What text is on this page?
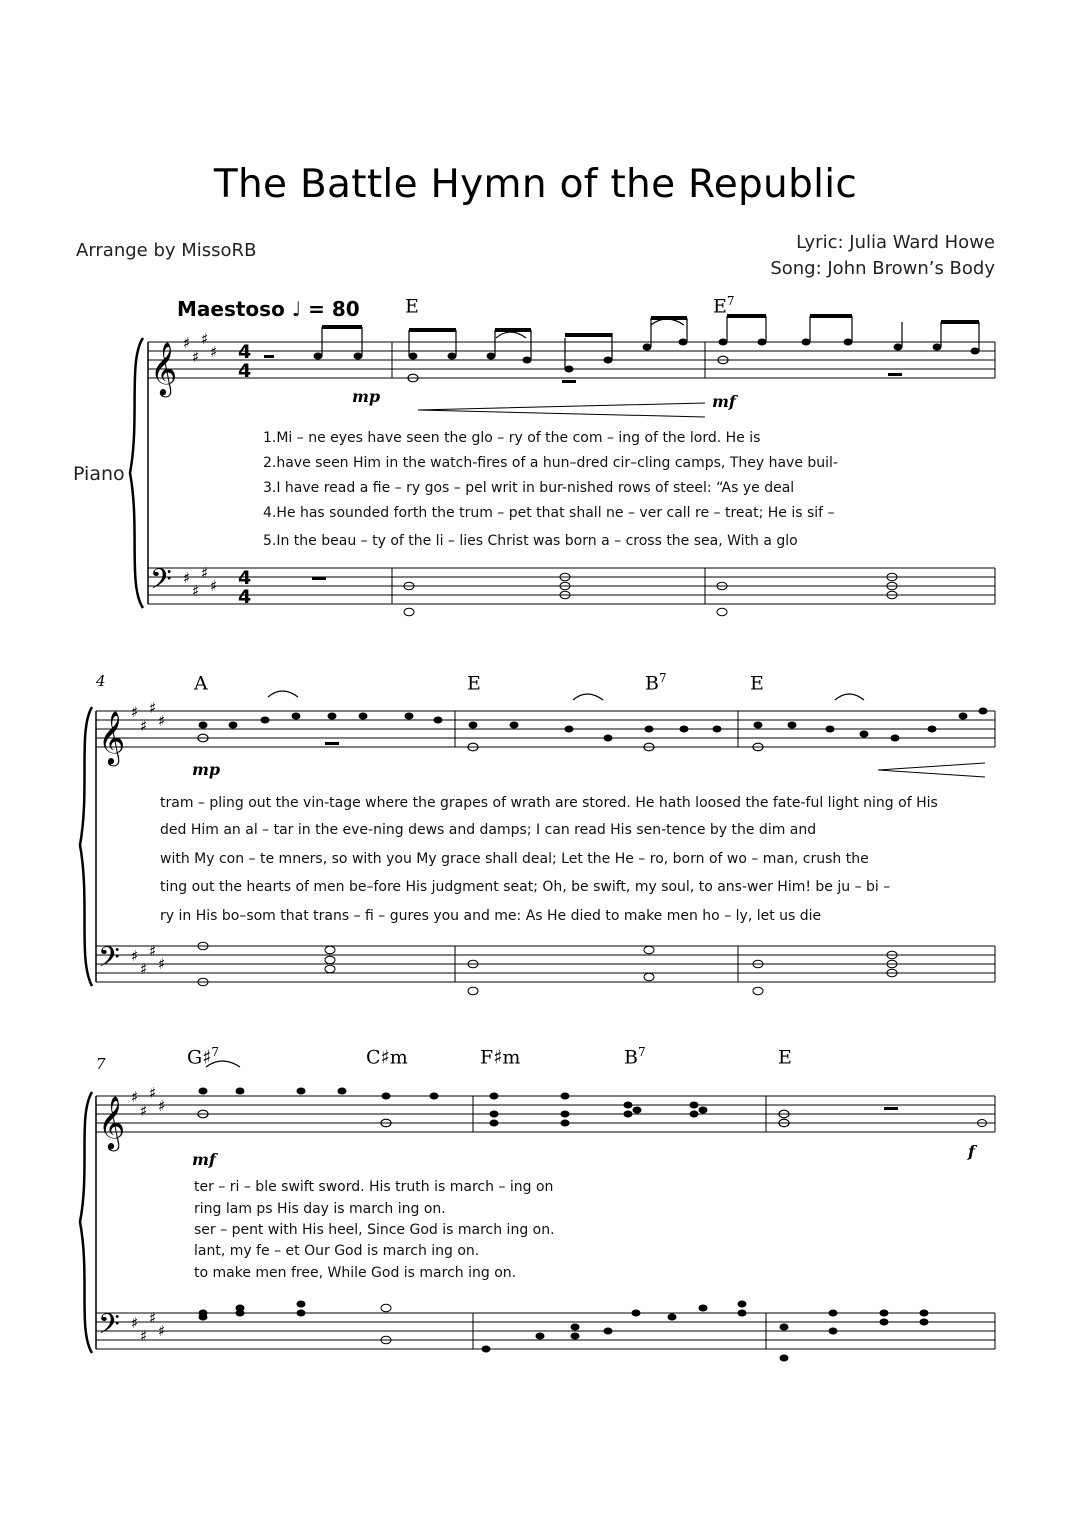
The Battle Hymn of the Republic
Arrange by MissoRB	Lyric: Julia Ward Howe
Song: John Brown’s Body
Piano
Maestoso ♩ = 80 E	$E^7$
A	E	$B^7$	E
G♯$^7$	C♯m	F♯m	$B^7$	E
4
7
mp	mf
mp
mf	f
1.Mi – ne eyes have seen the glo – ry of the com – ing of the lord. He is
2.have seen Him in the watch-fires of a hun–dred cir–cling camps, They have buil-
3.I have read a fie – ry gos – pel writ in bur-nished rows of steel: “As ye deal
4.He has sounded forth the trum – pet that shall ne – ver call re – treat; He is sif –
5.In the beau – ty of the li – lies Christ was born a – cross the sea, With a glo
tram – pling out the vin-tage where the grapes of wrath are stored. He hath loosed the fate-ful light ning of His
ded Him an al – tar in the eve-ning dews and damps; I can read His sen-tence by the dim and
with My con – te mners, so with you My grace shall deal; Let the He – ro, born of wo – man, crush the
ting out the hearts of men be–fore His judgment seat; Oh, be swift, my soul, to ans-wer Him! be ju – bi –
ry in His bo–som that trans – fi – gures you and me: As He died to make men ho – ly, let us die
ter – ri – ble swift sword. His truth is march – ing on
ring lam ps His day is march ing on.
ser – pent with His heel, Since God is march ing on.
lant, my fe – et Our God is march ing on.
to make men free, While God is march ing on.
𝄞
𝄢
𝄞
𝄢
𝄞
𝄢
♯
♯
♯
♯
♯
♯
♯
♯
♯
♯
♯
♯
♯
♯
♯
♯
♯
♯
♯
♯
♯
♯
♯
♯
4
4
4
4
